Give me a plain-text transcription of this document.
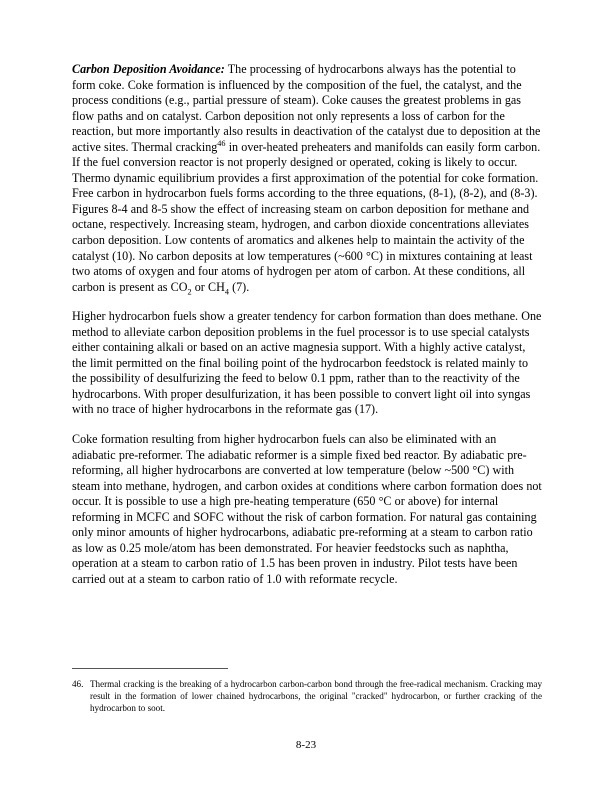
Carbon Deposition Avoidance: The processing of hydrocarbons always has the potential to form coke. Coke formation is influenced by the composition of the fuel, the catalyst, and the process conditions (e.g., partial pressure of steam). Coke causes the greatest problems in gas flow paths and on catalyst. Carbon deposition not only represents a loss of carbon for the reaction, but more importantly also results in deactivation of the catalyst due to deposition at the active sites. Thermal cracking$^{46}$ in over-heated preheaters and manifolds can easily form carbon. If the fuel conversion reactor is not properly designed or operated, coking is likely to occur. Thermo dynamic equilibrium provides a first approximation of the potential for coke formation. Free carbon in hydrocarbon fuels forms according to the three equations, (8-1), (8-2), and (8-3). Figures 8-4 and 8-5 show the effect of increasing steam on carbon deposition for methane and octane, respectively. Increasing steam, hydrogen, and carbon dioxide concentrations alleviates carbon deposition. Low contents of aromatics and alkenes help to maintain the activity of the catalyst (10). No carbon deposits at low temperatures (~600 °C) in mixtures containing at least two atoms of oxygen and four atoms of hydrogen per atom of carbon. At these conditions, all carbon is present as $CO_2$ or $CH_4$ (7).

Higher hydrocarbon fuels show a greater tendency for carbon formation than does methane. One method to alleviate carbon deposition problems in the fuel processor is to use special catalysts either containing alkali or based on an active magnesia support. With a highly active catalyst, the limit permitted on the final boiling point of the hydrocarbon feedstock is related mainly to the possibility of desulfurizing the feed to below 0.1 ppm, rather than to the reactivity of the hydrocarbons. With proper desulfurization, it has been possible to convert light oil into syngas with no trace of higher hydrocarbons in the reformate gas (17).

Coke formation resulting from higher hydrocarbon fuels can also be eliminated with an adiabatic pre-reformer. The adiabatic reformer is a simple fixed bed reactor. By adiabatic pre-reforming, all higher hydrocarbons are converted at low temperature (below ~500 °C) with steam into methane, hydrogen, and carbon oxides at conditions where carbon formation does not occur. It is possible to use a high pre-heating temperature (650 °C or above) for internal reforming in MCFC and SOFC without the risk of carbon formation. For natural gas containing only minor amounts of higher hydrocarbons, adiabatic pre-reforming at a steam to carbon ratio as low as 0.25 mole/atom has been demonstrated. For heavier feedstocks such as naphtha, operation at a steam to carbon ratio of 1.5 has been proven in industry. Pilot tests have been carried out at a steam to carbon ratio of 1.0 with reformate recycle.

46. Thermal cracking is the breaking of a hydrocarbon carbon-carbon bond through the free-radical mechanism. Cracking may result in the formation of lower chained hydrocarbons, the original "cracked" hydrocarbon, or further cracking of the hydrocarbon to soot.
8-23
